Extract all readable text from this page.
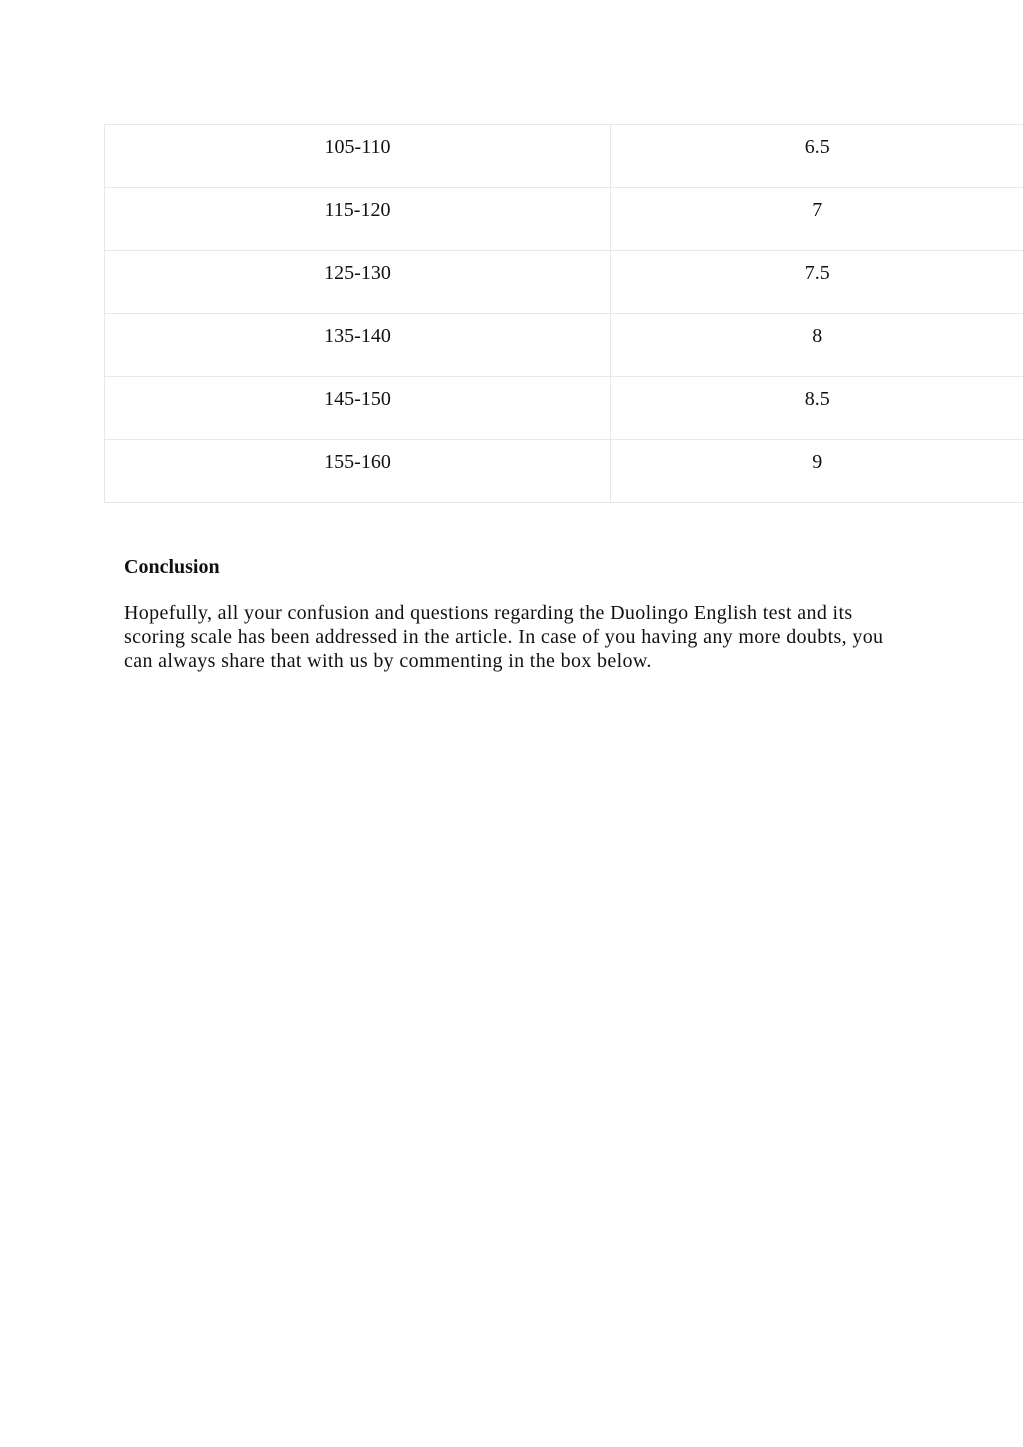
105-110	6.5
115-120	7
125-130	7.5
135-140	8
145-150	8.5
155-160	9
Conclusion

Hopefully, all your confusion and questions regarding the Duolingo English test and its scoring scale has been addressed in the article. In case of you having any more doubts, you can always share that with us by commenting in the box below.
